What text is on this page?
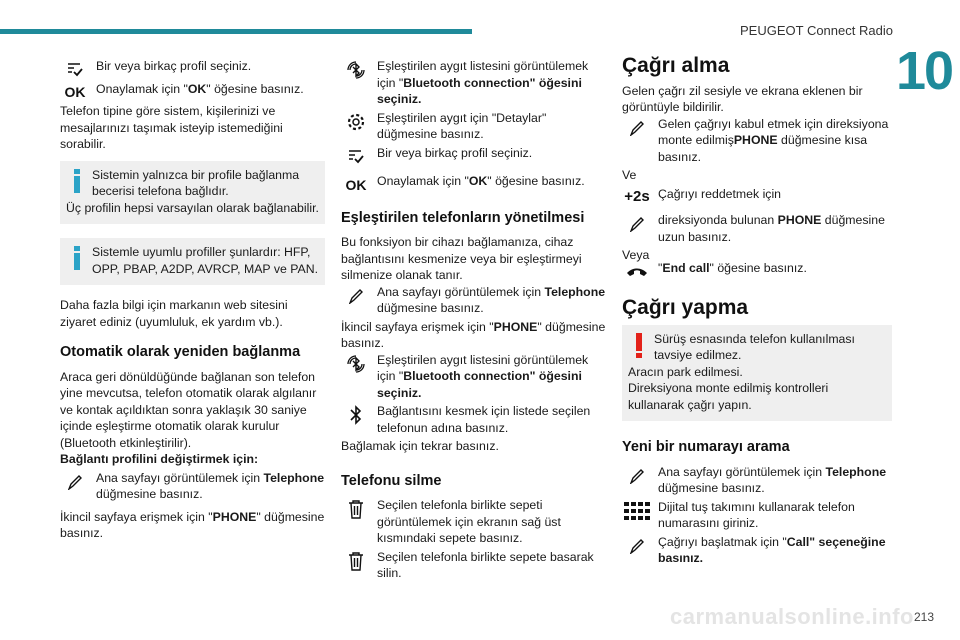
PEUGEOT Connect Radio
10
carmanualsonline.info 213
Bir veya birkaç profil seçiniz.
OK Onaylamak için "OK" öğesine basınız.
Telefon tipine göre sistem, kişilerinizi ve mesajlarınızı taşımak isteyip istemediğini sorabilir.
Sistemin yalnızca bir profile bağlanma becerisi telefona bağlıdır.
Üç profilin hepsi varsayılan olarak bağlanabilir.
Sistemle uyumlu profiller şunlardır: HFP, OPP, PBAP, A2DP, AVRCP, MAP ve PAN.
Daha fazla bilgi için markanın web sitesini ziyaret ediniz (uyumluluk, ek yardım vb.).
Otomatik olarak yeniden bağlanma
Araca geri dönüldüğünde bağlanan son telefon yine mevcutsa, telefon otomatik olarak algılanır ve kontak açıldıktan sonra yaklaşık 30 saniye içinde eşleştirme otomatik olarak kurulur (Bluetooth etkinleştirilir).
Bağlantı profilini değiştirmek için:
Ana sayfayı görüntülemek için Telephone düğmesine basınız.
İkincil sayfaya erişmek için "PHONE" düğmesine basınız.
Eşleştirilen aygıt listesini görüntülemek için "Bluetooth connection" öğesini seçiniz.
Eşleştirilen aygıt için "Detaylar" düğmesine basınız.
Bir veya birkaç profil seçiniz.
OK Onaylamak için "OK" öğesine basınız.
Eşleştirilen telefonların yönetilmesi
Bu fonksiyon bir cihazı bağlamanıza, cihaz bağlantısını kesmenize veya bir eşleştirmeyi silmenize olanak tanır.
Ana sayfayı görüntülemek için Telephone düğmesine basınız.
İkincil sayfaya erişmek için "PHONE" düğmesine basınız.
Eşleştirilen aygıt listesini görüntülemek için "Bluetooth connection" öğesini seçiniz.
Bağlantısını kesmek için listede seçilen telefonun adına basınız.
Bağlamak için tekrar basınız.
Telefonu silme
Seçilen telefonla birlikte sepeti görüntülemek için ekranın sağ üst kısmındaki sepete basınız.
Seçilen telefonla birlikte sepete basarak silin.
Çağrı alma
Gelen çağrı zil sesiyle ve ekrana eklenen bir görüntüyle bildirilir.
Gelen çağrıyı kabul etmek için direksiyona monte edilmişPHONE düğmesine kısa basınız.
Ve
+2s Çağrıyı reddetmek için
direksiyonda bulunan PHONE düğmesine uzun basınız.
Veya
"End call" öğesine basınız.
Çağrı yapma
Sürüş esnasında telefon kullanılması tavsiye edilmez.
Aracın park edilmesi.
Direksiyona monte edilmiş kontrolleri kullanarak çağrı yapın.
Yeni bir numarayı arama
Ana sayfayı görüntülemek için Telephone düğmesine basınız.
Dijital tuş takımını kullanarak telefon numarasını giriniz.
Çağrıyı başlatmak için "Call" seçeneğine basınız.
